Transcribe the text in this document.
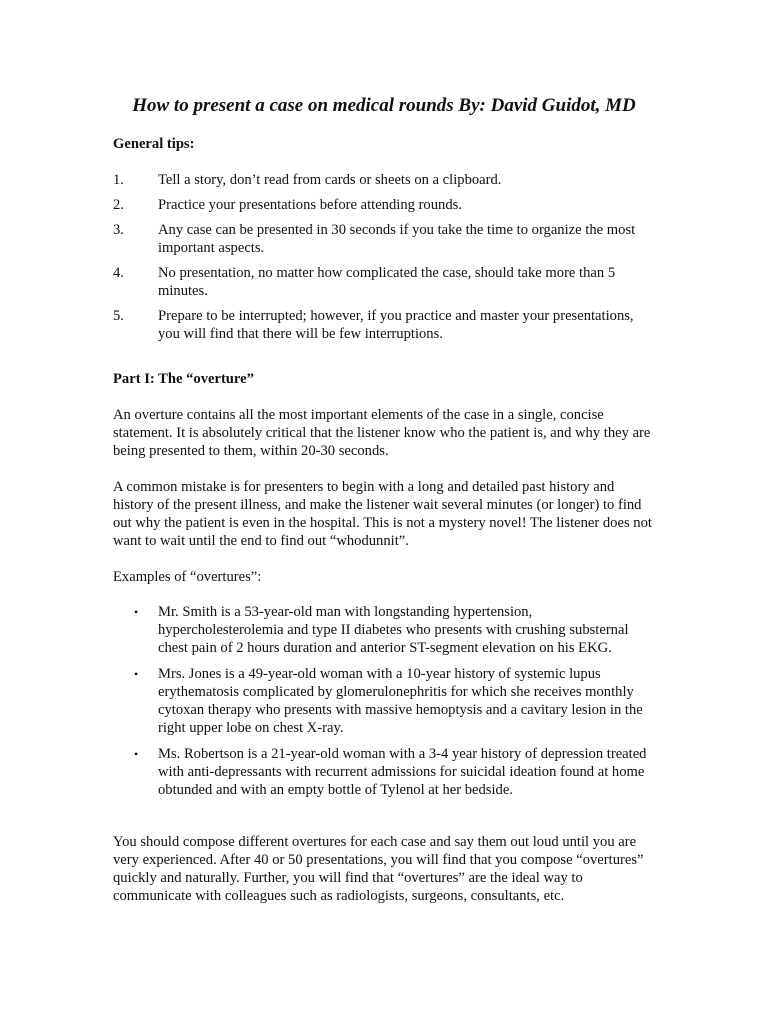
How to present a case on medical rounds By: David Guidot, MD

General tips:

1.	Tell a story, don’t read from cards or sheets on a clipboard.
2.	Practice your presentations before attending rounds.
3.	Any case can be presented in 30 seconds if you take the time to organize the most important aspects.
4.	No presentation, no matter how complicated the case, should take more than 5 minutes.
5.	Prepare to be interrupted; however, if you practice and master your presentations, you will find that there will be few interruptions.

Part I: The “overture”

An overture contains all the most important elements of the case in a single, concise statement. It is absolutely critical that the listener know who the patient is, and why they are being presented to them, within 20-30 seconds.

A common mistake is for presenters to begin with a long and detailed past history and history of the present illness, and make the listener wait several minutes (or longer) to find out why the patient is even in the hospital. This is not a mystery novel! The listener does not want to wait until the end to find out “whodunnit”.

Examples of “overtures”:

•	Mr. Smith is a 53-year-old man with longstanding hypertension, hypercholesterolemia and type II diabetes who presents with crushing substernal chest pain of 2 hours duration and anterior ST-segment elevation on his EKG.
•	Mrs. Jones is a 49-year-old woman with a 10-year history of systemic lupus erythematosis complicated by glomerulonephritis for which she receives monthly cytoxan therapy who presents with massive hemoptysis and a cavitary lesion in the right upper lobe on chest X-ray.
•	Ms. Robertson is a 21-year-old woman with a 3-4 year history of depression treated with anti-depressants with recurrent admissions for suicidal ideation found at home obtunded and with an empty bottle of Tylenol at her bedside.

You should compose different overtures for each case and say them out loud until you are very experienced. After 40 or 50 presentations, you will find that you compose “overtures” quickly and naturally. Further, you will find that “overtures” are the ideal way to communicate with colleagues such as radiologists, surgeons, consultants, etc.
